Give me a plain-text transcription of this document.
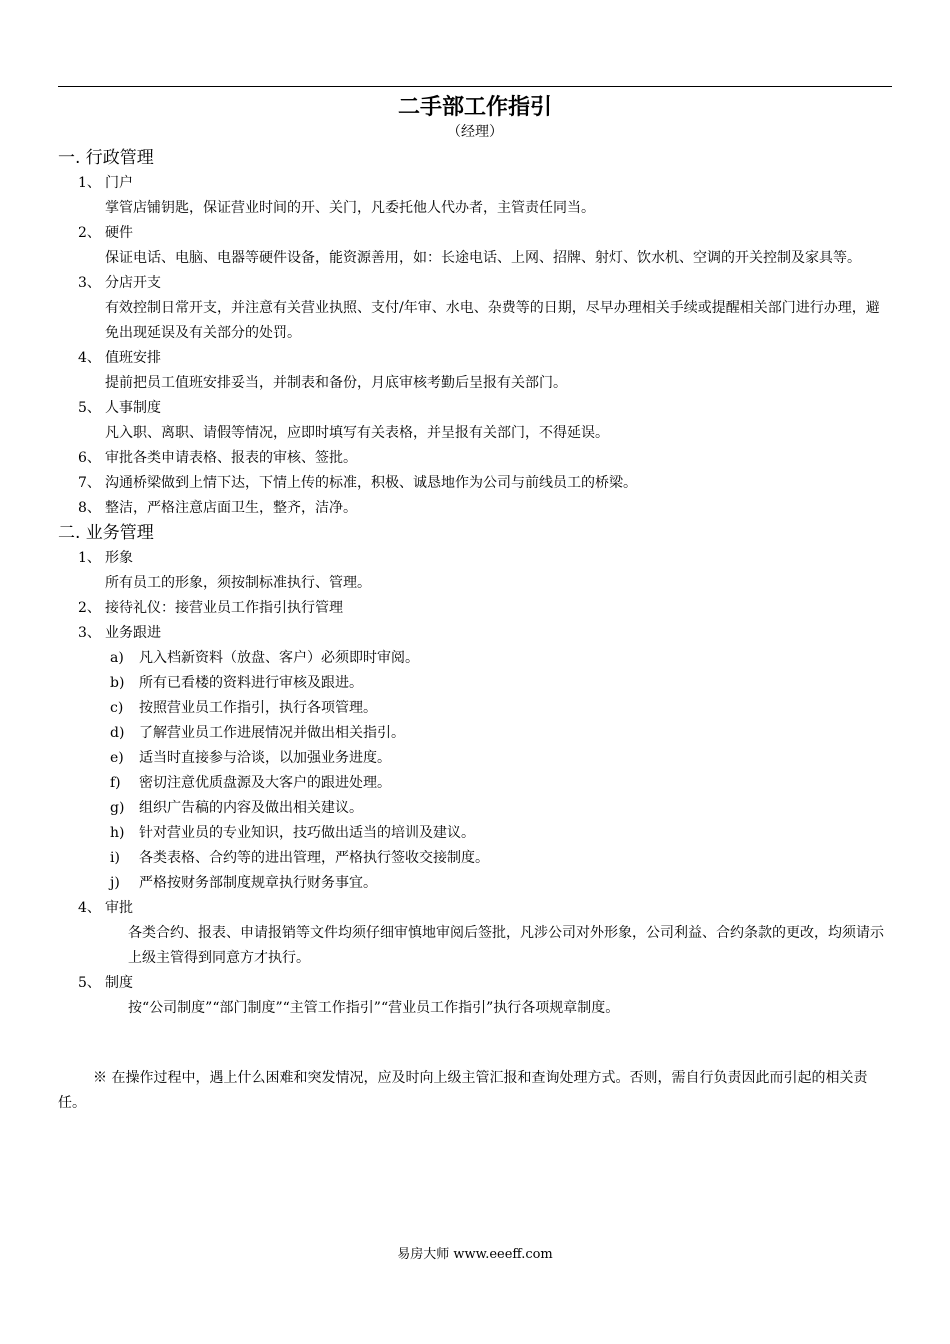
二手部工作指引
（经理）
一. 行政管理
1、 门户
掌管店铺钥匙，保证营业时间的开、关门，凡委托他人代办者，主管责任同当。
2、 硬件
保证电话、电脑、电器等硬件设备，能资源善用，如：长途电话、上网、招牌、射灯、饮水机、空调的开关控制及家具等。
3、 分店开支
有效控制日常开支，并注意有关营业执照、支付/年审、水电、杂费等的日期，尽早办理相关手续或提醒相关部门进行办理，避免出现延误及有关部分的处罚。
4、 值班安排
提前把员工值班安排妥当，并制表和备份，月底审核考勤后呈报有关部门。
5、 人事制度
凡入职、离职、请假等情况，应即时填写有关表格，并呈报有关部门，不得延误。
6、 审批各类申请表格、报表的审核、签批。
7、 沟通桥梁做到上情下达，下情上传的标准，积极、诚恳地作为公司与前线员工的桥梁。
8、 整洁，严格注意店面卫生，整齐，洁净。
二. 业务管理
1、 形象
所有员工的形象，须按制标准执行、管理。
2、 接待礼仪：接营业员工作指引执行管理
3、 业务跟进
a) 凡入档新资料（放盘、客户）必须即时审阅。
b) 所有已看楼的资料进行审核及跟进。
c) 按照营业员工作指引，执行各项管理。
d) 了解营业员工作进展情况并做出相关指引。
e) 适当时直接参与洽谈，以加强业务进度。
f) 密切注意优质盘源及大客户的跟进处理。
g) 组织广告稿的内容及做出相关建议。
h) 针对营业员的专业知识，技巧做出适当的培训及建议。
i) 各类表格、合约等的进出管理，严格执行签收交接制度。
j) 严格按财务部制度规章执行财务事宜。
4、 审批
各类合约、报表、申请报销等文件均须仔细审慎地审阅后签批，凡涉公司对外形象，公司利益、合约条款的更改，均须请示上级主管得到同意方才执行。
5、 制度
按“公司制度”“部门制度”“主管工作指引”“营业员工作指引”执行各项规章制度。
※ 在操作过程中，遇上什么困难和突发情况，应及时向上级主管汇报和查询处理方式。否则，需自行负责因此而引起的相关责任。
易房大师 www.eeeff.com
